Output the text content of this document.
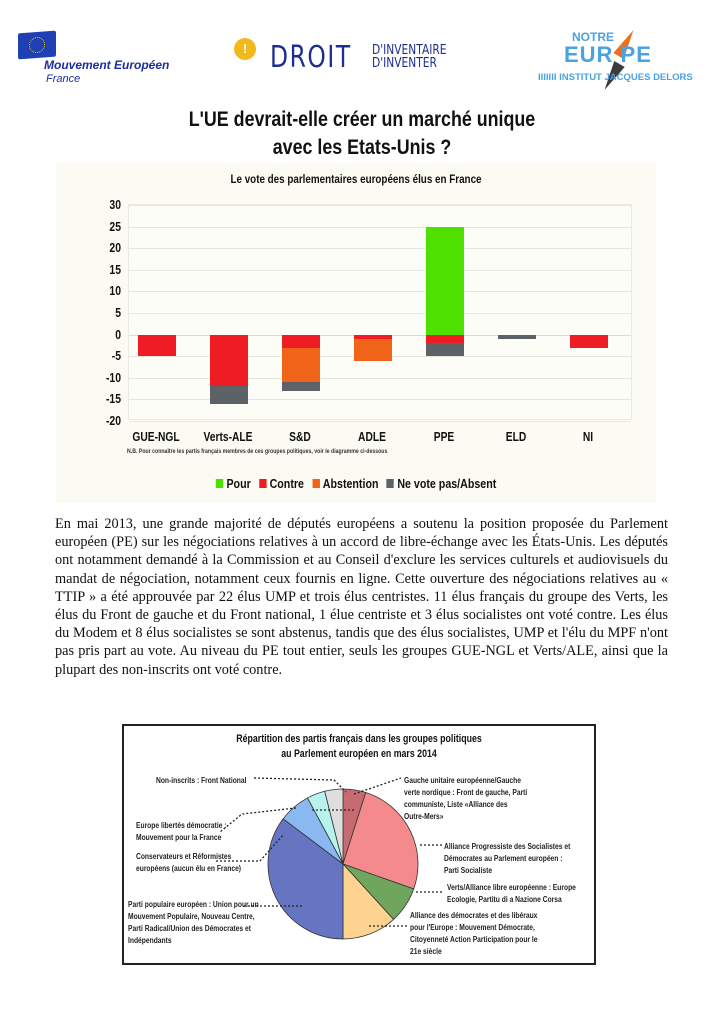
Mouvement Européen
France
! DROIT D'INVENTAIRE
D'INVENTER
NOTRE
EUR PE
IIIIIII INSTITUT JACQUES DELORS
L'UE devrait-elle créer un marché unique
avec les Etats-Unis ?
Le vote des parlementaires européens élus en France
30
25
20
15
10
5
0
-5
-10
-15
-20
GUE-NGL	Verts-ALE	S&D	ADLE	PPE	ELD	NI
N.B. Pour connaître les partis français membres de ces groupes politiques, voir le diagramme ci-dessous
Pour Contre Abstention Ne vote pas/Absent
En mai 2013, une grande majorité de députés européens a soutenu la position proposée du Parlement européen (PE) sur les négociations relatives à un accord de libre-échange avec les États-Unis. Les députés ont notamment demandé à la Commission et au Conseil d'exclure les services culturels et audiovisuels du mandat de négociation, notamment ceux fournis en ligne. Cette ouverture des négociations relatives au « TTIP » a été approuvée par 22 élus UMP et trois élus centristes. 11 élus français du groupe des Verts, les élus du Front de gauche et du Front national, 1 élue centriste et 3 élus socialistes ont voté contre. Les élus du Modem et 8 élus socialistes se sont abstenus, tandis que des élus socialistes, UMP et l'élu du MPF n'ont pas pris part au vote. Au niveau du PE tout entier, seuls les groupes GUE-NGL et Verts/ALE, ainsi que la plupart des non-inscrits ont voté contre.
Répartition des partis français dans les groupes politiques
au Parlement européen en mars 2014
Non-inscrits : Front National
Europe libertés démocratie :
Mouvement pour la France
Conservateurs et Réformistes
européens (aucun élu en France)
Parti populaire européen : Union pour un
Mouvement Populaire, Nouveau Centre,
Parti Radical/Union des Démocrates et
Indépendants
Gauche unitaire européenne/Gauche
verte nordique : Front de gauche, Parti
communiste, Liste «Alliance des
Outre-Mers»
Alliance Progressiste des Socialistes et
Démocrates au Parlement européen :
Parti Socialiste
Verts/Alliance libre européenne : Europe
Ecologie, Partitu di a Nazione Corsa
Alliance des démocrates et des libéraux
pour l'Europe : Mouvement Démocrate,
Citoyenneté Action Participation pour le
21e siècle
